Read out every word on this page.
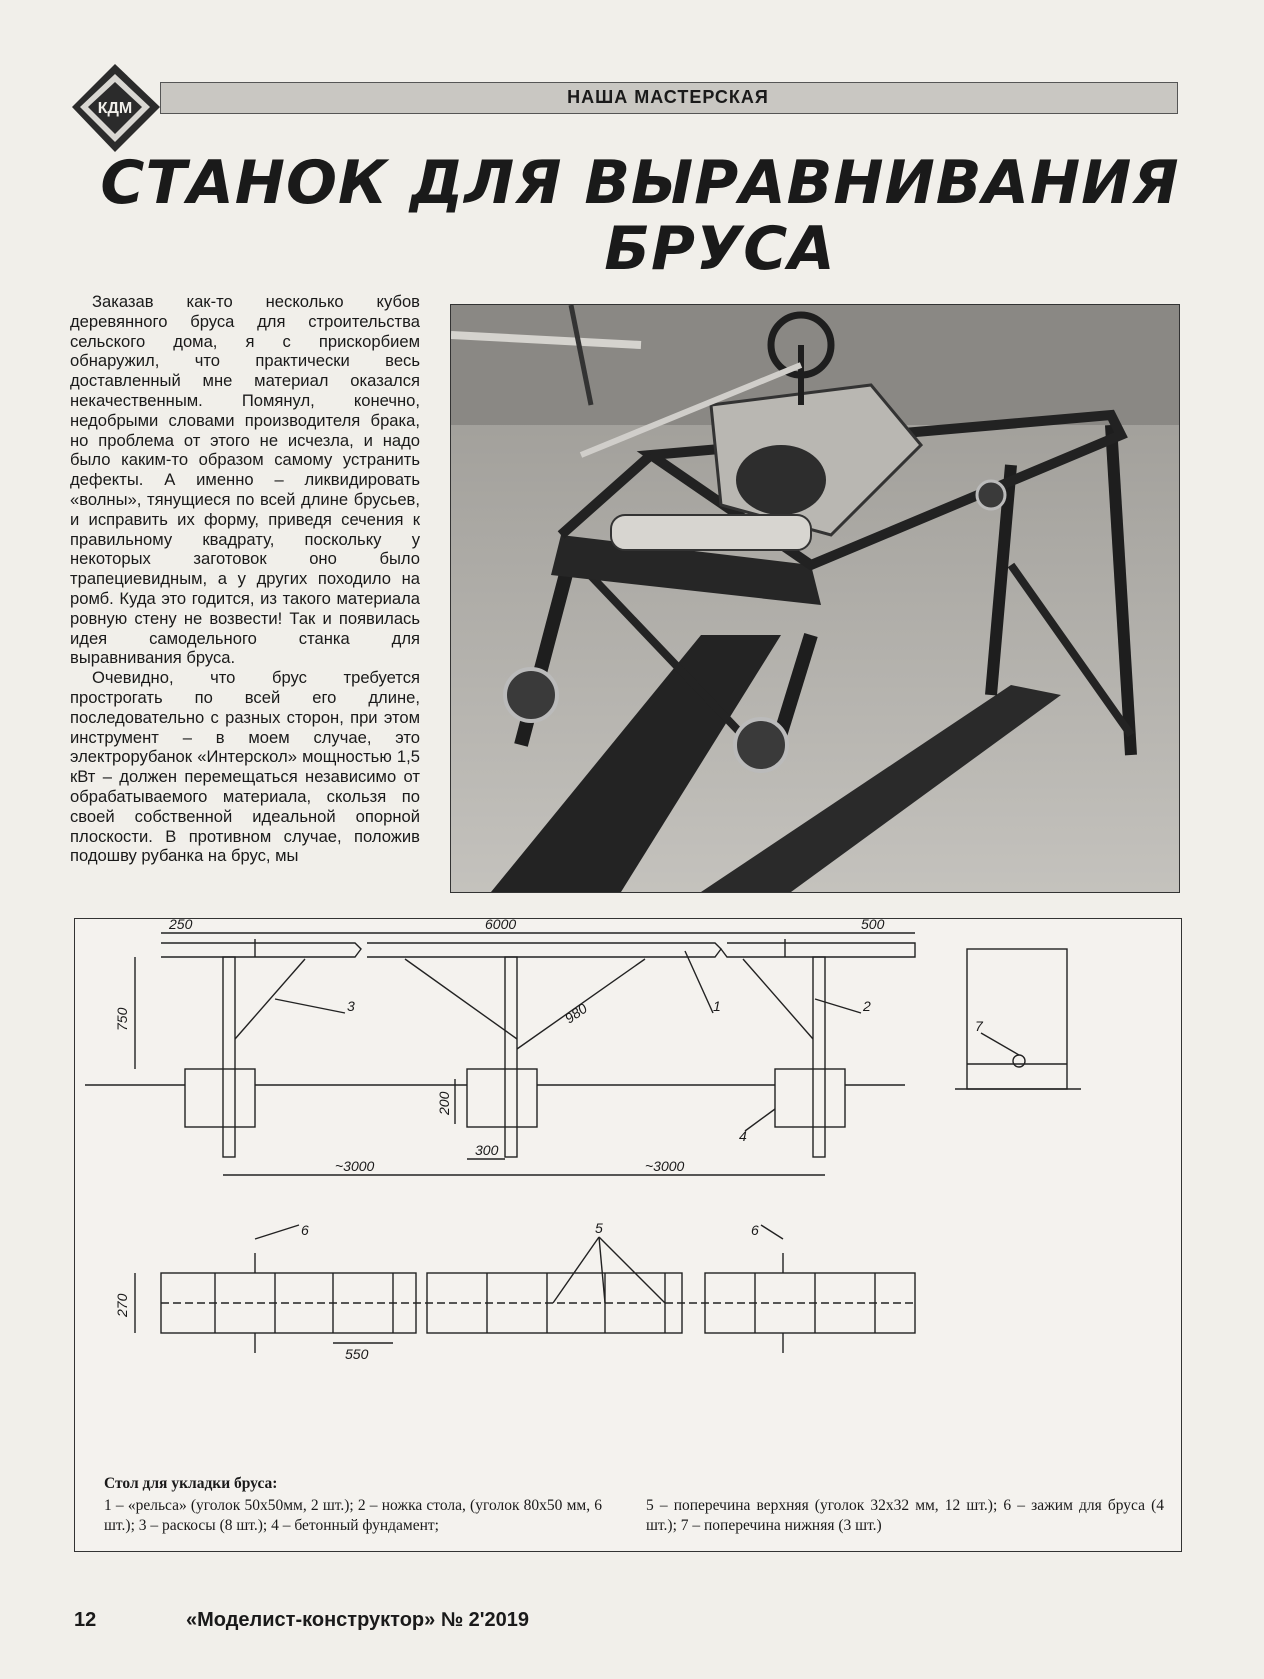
КДМ
НАША МАСТЕРСКАЯ
СТАНОК ДЛЯ ВЫРАВНИВАНИЯ
БРУСА

Заказав как-то несколько кубов деревянного бруса для строительства сельского дома, я с прискорбием обнаружил, что практически весь доставленный мне материал оказался некачественным. Помянул, конечно, недобрыми словами производителя брака, но проблема от этого не исчезла, и надо было каким-то образом самому устранить дефекты. А именно – ликвидировать «волны», тянущиеся по всей длине брусьев, и исправить их форму, приведя сечения к правильному квадрату, поскольку у некоторых заготовок оно было трапециевидным, а у других походило на ромб. Куда это годится, из такого материала ровную стену не возвести! Так и появилась идея самодельного станка для выравнивания бруса.

Очевидно, что брус требуется прострогать по всей его длине, последовательно с разных сторон, при этом инструмент – в моем случае, это электрорубанок «Интерскол» мощностью 1,5 кВт – должен перемещаться независимо от обрабатываемого материала, скользя по своей собственной идеальной опорной плоскости. В противном случае, положив подошву рубанка на брус, мы

250	6000	500
750	980
200
300
~3000	~3000
270
550
1	2
3
4
5
6	6
7
Стол для укладки бруса:
1 – «рельса» (уголок 50х50мм, 2 шт.); 2 – ножка стола, (уголок 80х50 мм, 6 шт.); 3 – раскосы (8 шт.); 4 – бетонный фундамент;
5 – поперечина верхняя (уголок 32х32 мм, 12 шт.); 6 – зажим для бруса (4 шт.); 7 – поперечина нижняя (3 шт.)
12	«Моделист-конструктор» № 2'2019
